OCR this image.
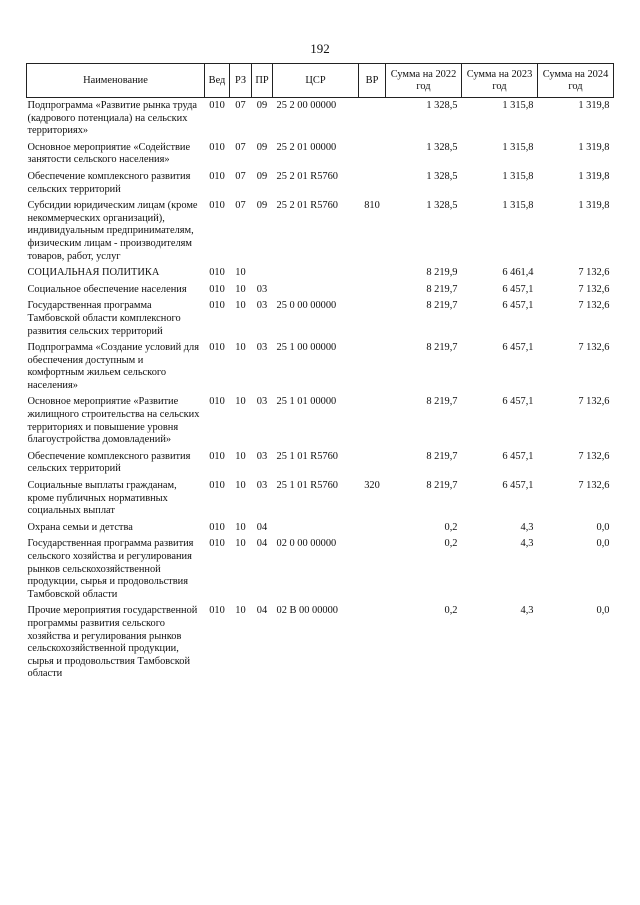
192
Наименование	Вед	РЗ	ПР	ЦСР	ВР	Сумма на 2022 год	Сумма на 2023 год	Сумма на 2024 год
Подпрограмма «Развитие рынка труда (кадрового потенциала) на сельских территориях»	010	07	09	25 2 00 00000		1 328,5	1 315,8	1 319,8
Основное мероприятие «Содействие занятости сельского населения»	010	07	09	25 2 01 00000		1 328,5	1 315,8	1 319,8
Обеспечение комплексного развития сельских территорий	010	07	09	25 2 01 R5760		1 328,5	1 315,8	1 319,8
Субсидии юридическим лицам (кроме некоммерческих организаций), индивидуальным предпринимателям, физическим лицам - производителям товаров, работ, услуг	010	07	09	25 2 01 R5760	810	1 328,5	1 315,8	1 319,8
СОЦИАЛЬНАЯ ПОЛИТИКА	010	10				8 219,9	6 461,4	7 132,6
Социальное обеспечение населения	010	10	03			8 219,7	6 457,1	7 132,6
Государственная программа Тамбовской области комплексного развития сельских территорий	010	10	03	25 0 00 00000		8 219,7	6 457,1	7 132,6
Подпрограмма «Создание условий для обеспечения доступным и комфортным жильем сельского населения»	010	10	03	25 1 00 00000		8 219,7	6 457,1	7 132,6
Основное мероприятие «Развитие жилищного строительства на сельских территориях и повышение уровня благоустройства домовладений»	010	10	03	25 1 01 00000		8 219,7	6 457,1	7 132,6
Обеспечение комплексного развития сельских территорий	010	10	03	25 1 01 R5760		8 219,7	6 457,1	7 132,6
Социальные выплаты гражданам, кроме публичных нормативных социальных выплат	010	10	03	25 1 01 R5760	320	8 219,7	6 457,1	7 132,6
Охрана семьи и детства	010	10	04			0,2	4,3	0,0
Государственная программа развития сельского хозяйства и регулирования рынков сельскохозяйственной продукции, сырья и продовольствия Тамбовской области	010	10	04	02 0 00 00000		0,2	4,3	0,0
Прочие мероприятия государственной программы развития сельского хозяйства и регулирования рынков сельскохозяйственной продукции, сырья и продовольствия Тамбовской области	010	10	04	02 В 00 00000		0,2	4,3	0,0
